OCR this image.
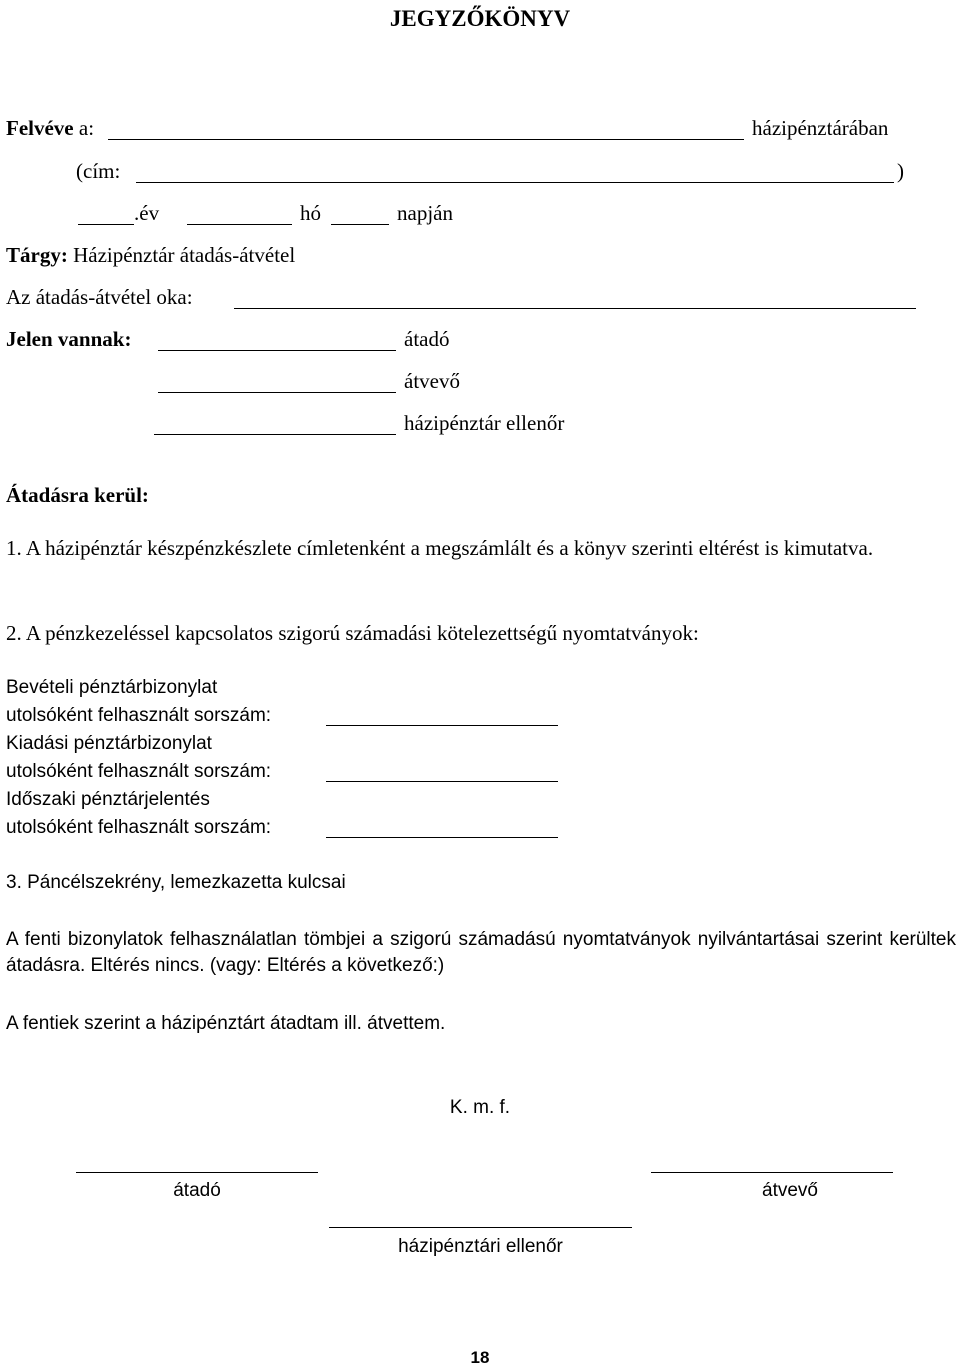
JEGYZŐKÖNYV
Felvéve a:	házipénztárában
(cím:	)
.év	hó	napján
Tárgy: Házipénztár átadás-átvétel
Az átadás-átvétel oka:
Jelen vannak:	átadó
átvevő
házipénztár ellenőr
Átadásra kerül:
1. A házipénztár készpénzkészlete címletenként a megszámlált és a könyv szerinti eltérést is kimutatva.
2. A pénzkezeléssel kapcsolatos szigorú számadási kötelezettségű nyomtatványok:
Bevételi pénztárbizonylat
utolsóként felhasznált sorszám:
Kiadási pénztárbizonylat
utolsóként felhasznált sorszám:
Időszaki pénztárjelentés
utolsóként felhasznált sorszám:
3. Páncélszekrény, lemezkazetta kulcsai
A fenti bizonylatok felhasználatlan tömbjei a szigorú számadású nyomtatványok nyilvántartásai szerint kerültek átadásra. Eltérés nincs. (vagy: Eltérés a következő:)
A fentiek szerint a házipénztárt átadtam ill. átvettem.
K. m. f.
átadó	átvevő
házipénztári ellenőr
18
